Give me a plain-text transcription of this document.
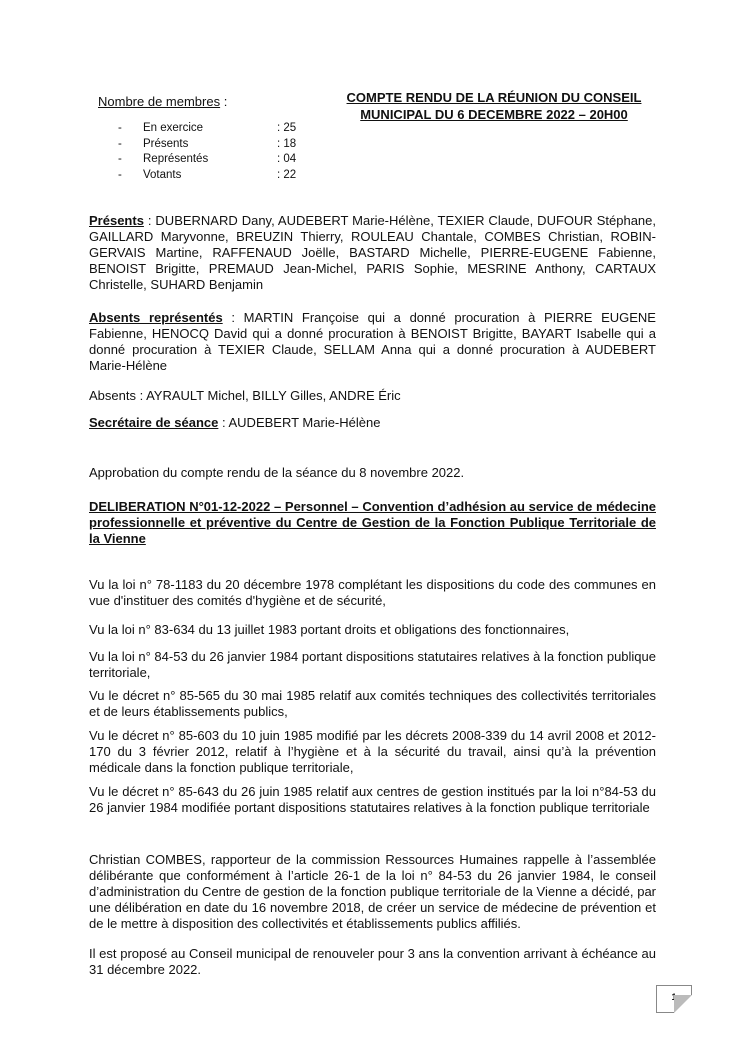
Nombre de membres :
- En exercice	: 25
- Présents	: 18
- Représentés	: 04
- Votants	: 22
COMPTE RENDU DE LA RÉUNION DU CONSEIL MUNICIPAL DU 6 DECEMBRE 2022 – 20H00
Présents : DUBERNARD Dany, AUDEBERT Marie-Hélène, TEXIER Claude, DUFOUR Stéphane, GAILLARD Maryvonne, BREUZIN Thierry, ROULEAU Chantale, COMBES Christian, ROBIN-GERVAIS Martine, RAFFENAUD Joëlle, BASTARD Michelle, PIERRE-EUGENE Fabienne, BENOIST Brigitte, PREMAUD Jean-Michel, PARIS Sophie, MESRINE Anthony, CARTAUX Christelle, SUHARD Benjamin
Absents représentés : MARTIN Françoise qui a donné procuration à PIERRE EUGENE Fabienne, HENOCQ David qui a donné procuration à BENOIST Brigitte, BAYART Isabelle qui a donné procuration à TEXIER Claude, SELLAM Anna qui a donné procuration à AUDEBERT Marie-Hélène
Absents : AYRAULT Michel, BILLY Gilles, ANDRE Éric
Secrétaire de séance : AUDEBERT Marie-Hélène
Approbation du compte rendu de la séance du 8 novembre 2022.
DELIBERATION N°01-12-2022 – Personnel – Convention d’adhésion au service de médecine professionnelle et préventive du Centre de Gestion de la Fonction Publique Territoriale de la Vienne
Vu la loi n° 78-1183 du 20 décembre 1978 complétant les dispositions du code des communes en vue d'instituer des comités d'hygiène et de sécurité,
Vu la loi n° 83-634 du 13 juillet 1983 portant droits et obligations des fonctionnaires,
Vu la loi n° 84-53 du 26 janvier 1984 portant dispositions statutaires relatives à la fonction publique territoriale,
Vu le décret n° 85-565 du 30 mai 1985 relatif aux comités techniques des collectivités territoriales et de leurs établissements publics,
Vu le décret n° 85-603 du 10 juin 1985 modifié par les décrets 2008-339 du 14 avril 2008 et 2012-170 du 3 février 2012, relatif à l’hygiène et à la sécurité du travail, ainsi qu’à la prévention médicale dans la fonction publique territoriale,
Vu le décret n° 85-643 du 26 juin 1985 relatif aux centres de gestion institués par la loi n°84-53 du 26 janvier 1984 modifiée portant dispositions statutaires relatives à la fonction publique territoriale
Christian COMBES, rapporteur de la commission Ressources Humaines rappelle à l’assemblée délibérante que conformément à l’article 26-1 de la loi n° 84-53 du 26 janvier 1984, le conseil d’administration du Centre de gestion de la fonction publique territoriale de la Vienne a décidé, par une délibération en date du 16 novembre 2018, de créer un service de médecine de prévention et de le mettre à disposition des collectivités et établissements publics affiliés.
Il est proposé au Conseil municipal de renouveler pour 3 ans la convention arrivant à échéance au 31 décembre 2022.
1
